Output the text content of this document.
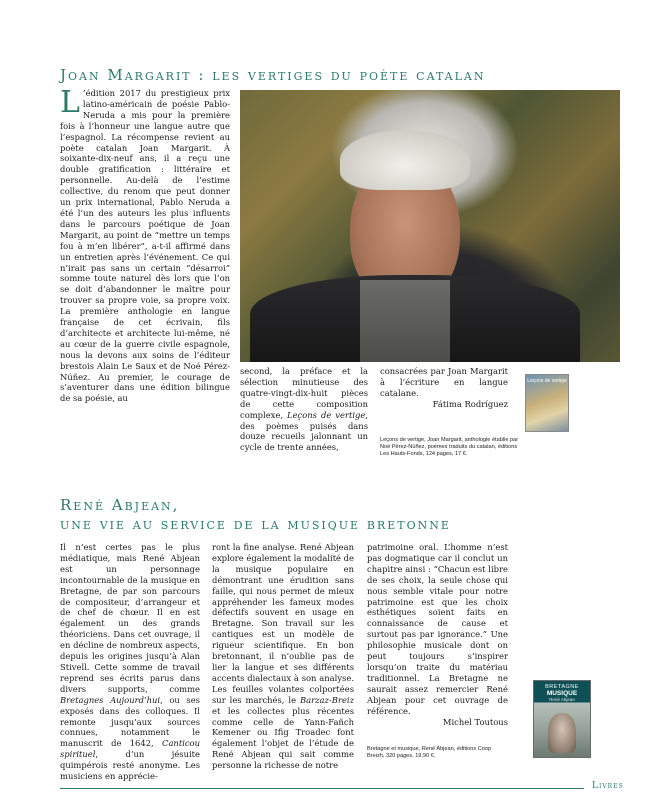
Joan Margarit : les vertiges du poète catalan
L ’édition 2017 du prestigieux prix latino-américain de poésie Pablo-Neruda a mis pour la première fois à l’honneur une langue autre que l’espagnol. La récompense revient au poète catalan Joan Margarit. À soixante-dix-neuf ans, il a reçu une double gratification : littéraire et personnelle. Au-delà de l’estime collective, du renom que peut donner un prix international, Pablo Neruda a été l’un des auteurs les plus influents dans le parcours poétique de Joan Margarit, au point de “mettre un temps fou à m’en libérer”, a-t-il affirmé dans un entretien après l’événement. Ce qui n’irait pas sans un certain “désarroi” somme toute naturel dès lors que l’on se doit d’abandonner le maître pour trouver sa propre voie, sa propre voix. La première anthologie en langue française de cet écrivain, fils d’architecte et architecte lui-même, né au cœur de la guerre civile espagnole, nous la devons aux soins de l’éditeur brestois Alain Le Saux et de Noé Pérez-Núñez. Au premier, le courage de s’aventurer dans une édition bilingue de sa poésie, au
second, la préface et la sélection minutieuse des quatre-vingt-dix-huit pièces de cette composition complexe, Leçons de vertige, des poèmes puisés dans douze recueils jalonnant un cycle de trente années,

consacrées par Joan Margarit à l’écriture en langue catalane.

Fátima Rodríguez

Leçons de vertige
Leçons de vertige, Joan Margarit, anthologie établie par Noé Pérez-Núñez, poèmes traduits du catalan, éditions Les Hauts-Fonds, 124 pages, 17 €.
René Abjean,
une vie au service de la musique bretonne
Il n’est certes pas le plus médiatique, mais René Abjean est un personnage incontournable de la musique en Bretagne, de par son parcours de compositeur, d’arrangeur et de chef de chœur. Il en est également un des grands théoriciens. Dans cet ouvrage, il en décline de nombreux aspects, depuis les origines jusqu’à Alan Stivell. Cette somme de travail reprend ses écrits parus dans divers supports, comme Bretagnes Aujourd’hui, ou ses exposés dans des colloques. Il remonte jusqu’aux sources connues, notamment le manuscrit de 1642, Canticou spirituel, d’un jésuite quimpérois resté anonyme. Les musiciens en apprécie-
ront la fine analyse. René Abjean explore également la modalité de la musique populaire en démontrant une érudition sans faille, qui nous permet de mieux appréhender les fameux modes défectifs souvent en usage en Bretagne. Son travail sur les cantiques est un modèle de rigueur scientifique. En bon bretonnant, il n’oublie pas de lier la langue et ses différents accents dialectaux à son analyse. Les feuilles volantes colportées sur les marchés, le Barzaz-Breiz et les collectes plus récentes comme celle de Yann-Fañch Kemener ou Ifig Troadec font également l’objet de l’étude de René Abjean qui sait comme personne la richesse de notre

patrimoine oral. L’homme n’est pas dogmatique car il conclut un chapitre ainsi : “Chacun est libre de ses choix, la seule chose qui nous semble vitale pour notre patrimoine est que les choix esthétiques soient faits en connaissance de cause et surtout pas par ignorance.” Une philosophie musicale dont on peut toujours s’inspirer lorsqu’on traite du matériau traditionnel. La Bretagne ne saurait assez remercier René Abjean pour cet ouvrage de référence.

Michel Toutous

BRETAGNE
MUSIQUE
René Abjean
Bretagne et musique, René Abjean, éditions Coop Breizh, 320 pages, 19,90 €.
Livres
